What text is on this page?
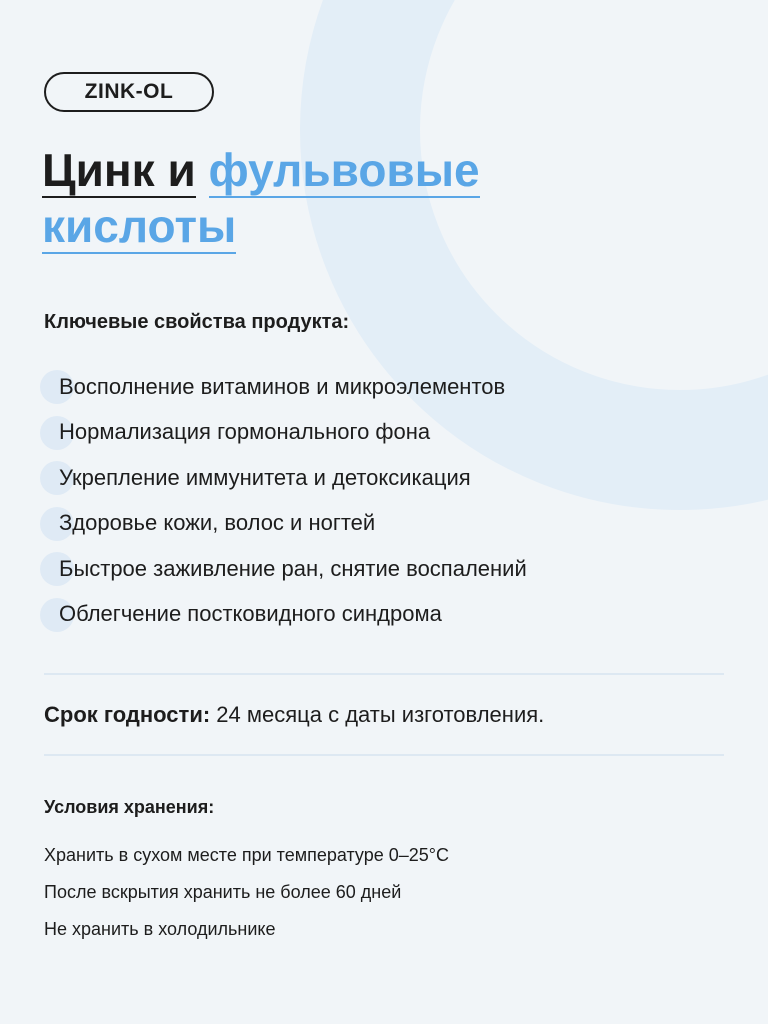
ZINK-OL
Цинк и фульвовые
кислоты
Ключевые свойства продукта:
Восполнение витаминов и микроэлементов
Нормализация гормонального фона
Укрепление иммунитета и детоксикация
Здоровье кожи, волос и ногтей
Быстрое заживление ран, снятие воспалений
Облегчение постковидного синдрома
Срок годности: 24 месяца с даты изготовления.
Условия хранения:
Хранить в сухом месте при температуре 0–25°C
После вскрытия хранить не более 60 дней
Не хранить в холодильнике
